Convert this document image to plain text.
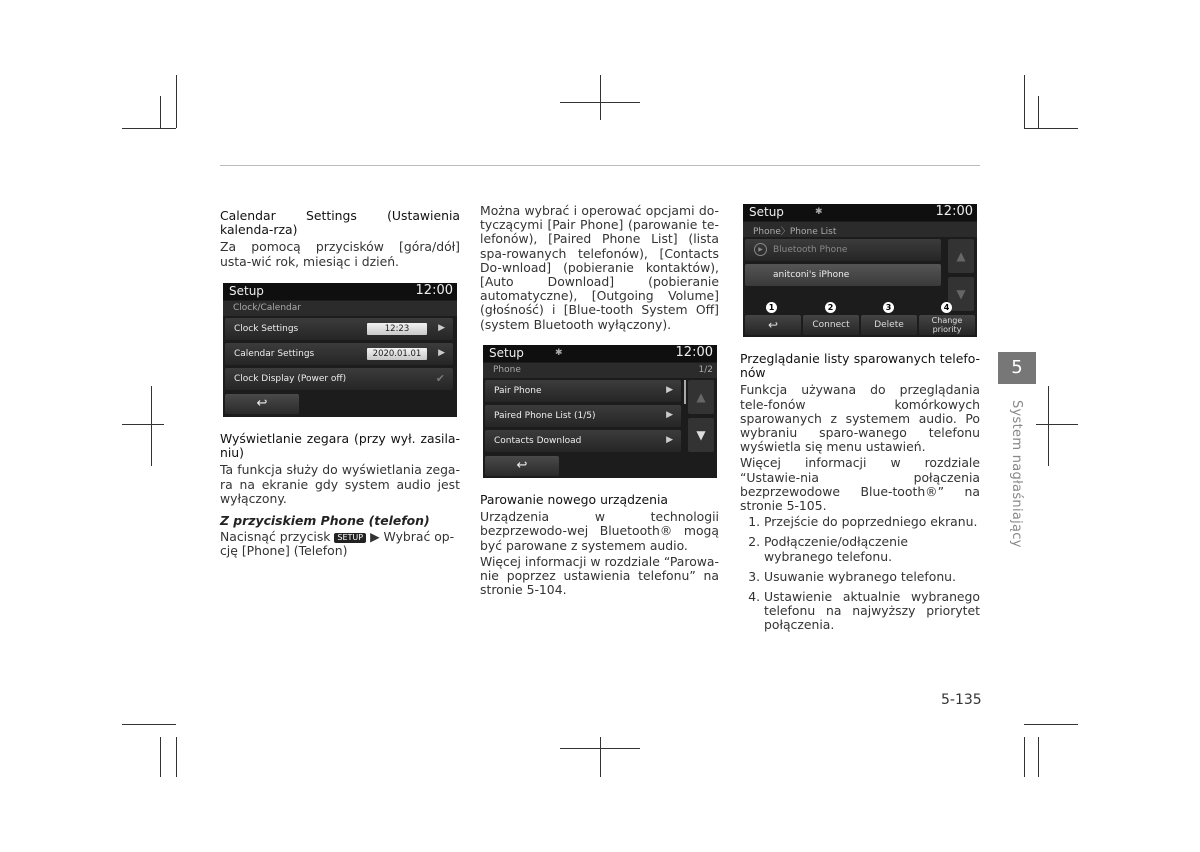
Calendar Settings (Ustawienia kalenda-rza)

Za pomocą przycisków [góra/dół] usta-wić rok, miesiąc i dzień.

Setup	12:00
Clock/Calendar
Clock Settings	12:23	▶
Calendar Settings	2020.01.01	▶
Clock Display (Power off)	✔
↩

Wyświetlanie zegara (przy wył. zasila-niu)

Ta funkcja służy do wyświetlania zega-ra na ekranie gdy system audio jest wyłączony.

Z przyciskiem Phone (telefon)

Nacisnąć przycisk SETUP ▶ Wybrać op-cję [Phone] (Telefon)

Można wybrać i operować opcjami do-tyczącymi [Pair Phone] (parowanie te-lefonów), [Paired Phone List] (lista spa-rowanych telefonów), [Contacts Do-wnload] (pobieranie kontaktów), [Auto Download] (pobieranie automatyczne), [Outgoing Volume] (głośność) i [Blue-tooth System Off] (system Bluetooth wyłączony).

Setup	✱	12:00
Phone	1/2
Pair Phone	▶
Paired Phone List (1/5)	▶
Contacts Download	▶
▲
▼
↩

Parowanie nowego urządzenia

Urządzenia w technologii bezprzewodo-wej Bluetooth® mogą być parowane z systemem audio.

Więcej informacji w rozdziale “Parowa-nie poprzez ustawienia telefonu” na stronie 5-104.

Setup	✱	12:00
Phone〉Phone List
▶	Bluetooth Phone
anitconi's iPhone
▲
▼
1	2	3	4
↩	Connect	Delete	Change priority

Przeglądanie listy sparowanych telefo-nów

Funkcja używana do przeglądania tele-fonów komórkowych sparowanych z systemem audio. Po wybraniu sparo-wanego telefonu wyświetla się menu ustawień.

Więcej informacji w rozdziale “Ustawie-nia połączenia bezprzewodowe Blue-tooth®” na stronie 5-105.

1. Przejście do poprzedniego ekranu.
2. Podłączenie/odłączenie wybranego telefonu.
3. Usuwanie wybranego telefonu.
4. Ustawienie aktualnie wybranego telefonu na najwyższy priorytet połączenia.
5
System nagłaśniający
5-135
